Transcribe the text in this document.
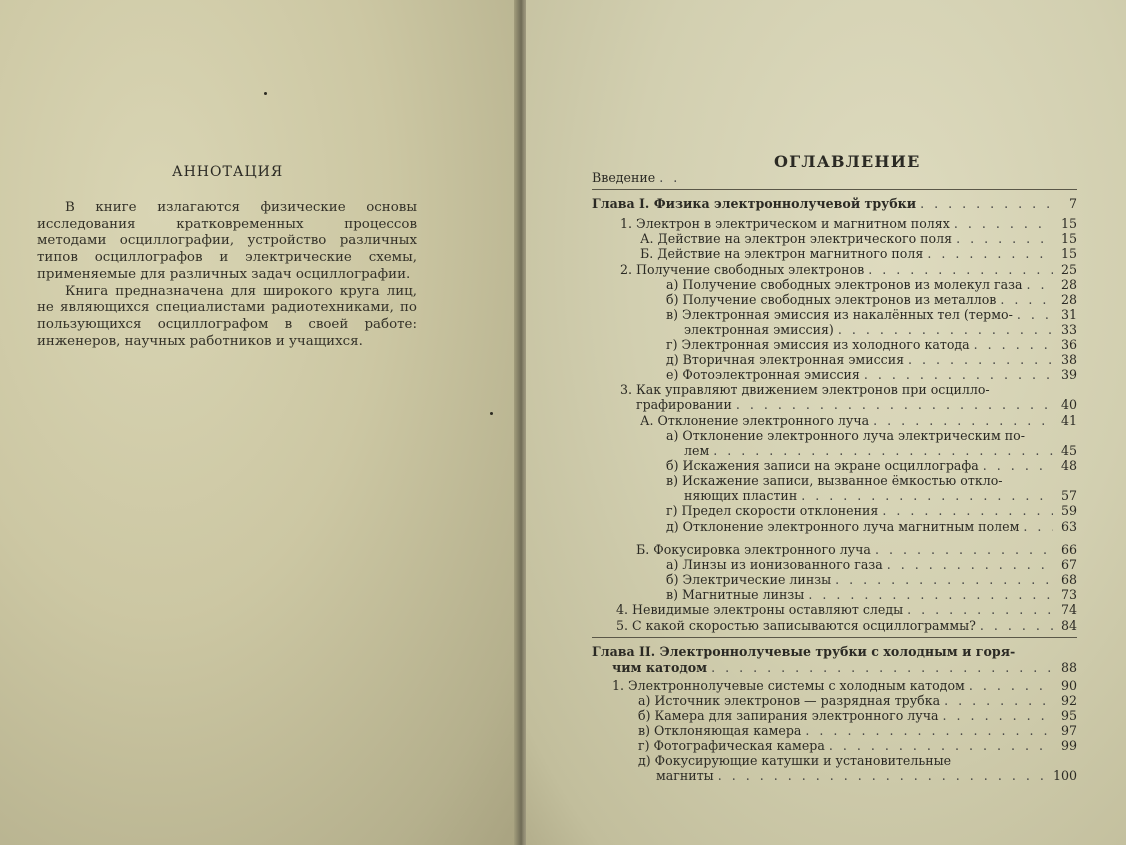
АННОТАЦИЯ

В книге излагаются физические основы исследования кратковременных процессов методами осциллографии, устройство различных типов осциллографов и электрические схемы, применяемые для различных задач осциллографии.

Книга предназначена для широкого круга лиц, не являющихся специалистами радиотехниками, по пользующихся осциллографом в своей работе: инженеров, научных работников и учащихся.

ОГЛАВЛЕНИЕ
Введение
. . .
Глава I. Физика электроннолучевой трубки . . .	7
1. Электрон в электрическом и магнитном полях . . .	15
А. Действие на электрон электрического поля . . .	15
Б. Действие на электрон магнитного поля . . .	15
2. Получение свободных электронов . . .	25
а) Получение свободных электронов из молекул газа . . .	28
б) Получение свободных электронов из металлов . . .	28
в) Электронная эмиссия из накалённых тел (термо- . . .	31
электронная эмиссия) . . .	33
г) Электронная эмиссия из холодного катода . . .	36
д) Вторичная электронная эмиссия . . .	38
е) Фотоэлектронная эмиссия . . .	39
3. Как управляют движением электронов при осцилло-
графировании . . .	40
А. Отклонение электронного луча . . .	41
а) Отклонение электронного луча электрическим по-
лем . . .	45
б) Искажения записи на экране осциллографа . . .	48
в) Искажение записи, вызванное ёмкостью откло-
няющих пластин . . .	57
г) Предел скорости отклонения . . .	59
д) Отклонение электронного луча магнитным полем . . .	63
Б. Фокусировка электронного луча . . .	66
а) Линзы из ионизованного газа . . .	67
б) Электрические линзы . . .	68
в) Магнитные линзы . . .	73
4. Невидимые электроны оставляют следы . . .	74
5. С какой скоростью записываются осциллограммы? . . .	84
Глава II. Электроннолучевые трубки с холодным и горя-
чим катодом . . .	88
1. Электроннолучевые системы с холодным катодом . . .	90
а) Источник электронов — разрядная трубка . . .	92
б) Камера для запирания электронного луча . . .	95
в) Отклоняющая камера . . .	97
г) Фотографическая камера . . .	99
д) Фокусирующие катушки и установительные
магниты . . .	100
